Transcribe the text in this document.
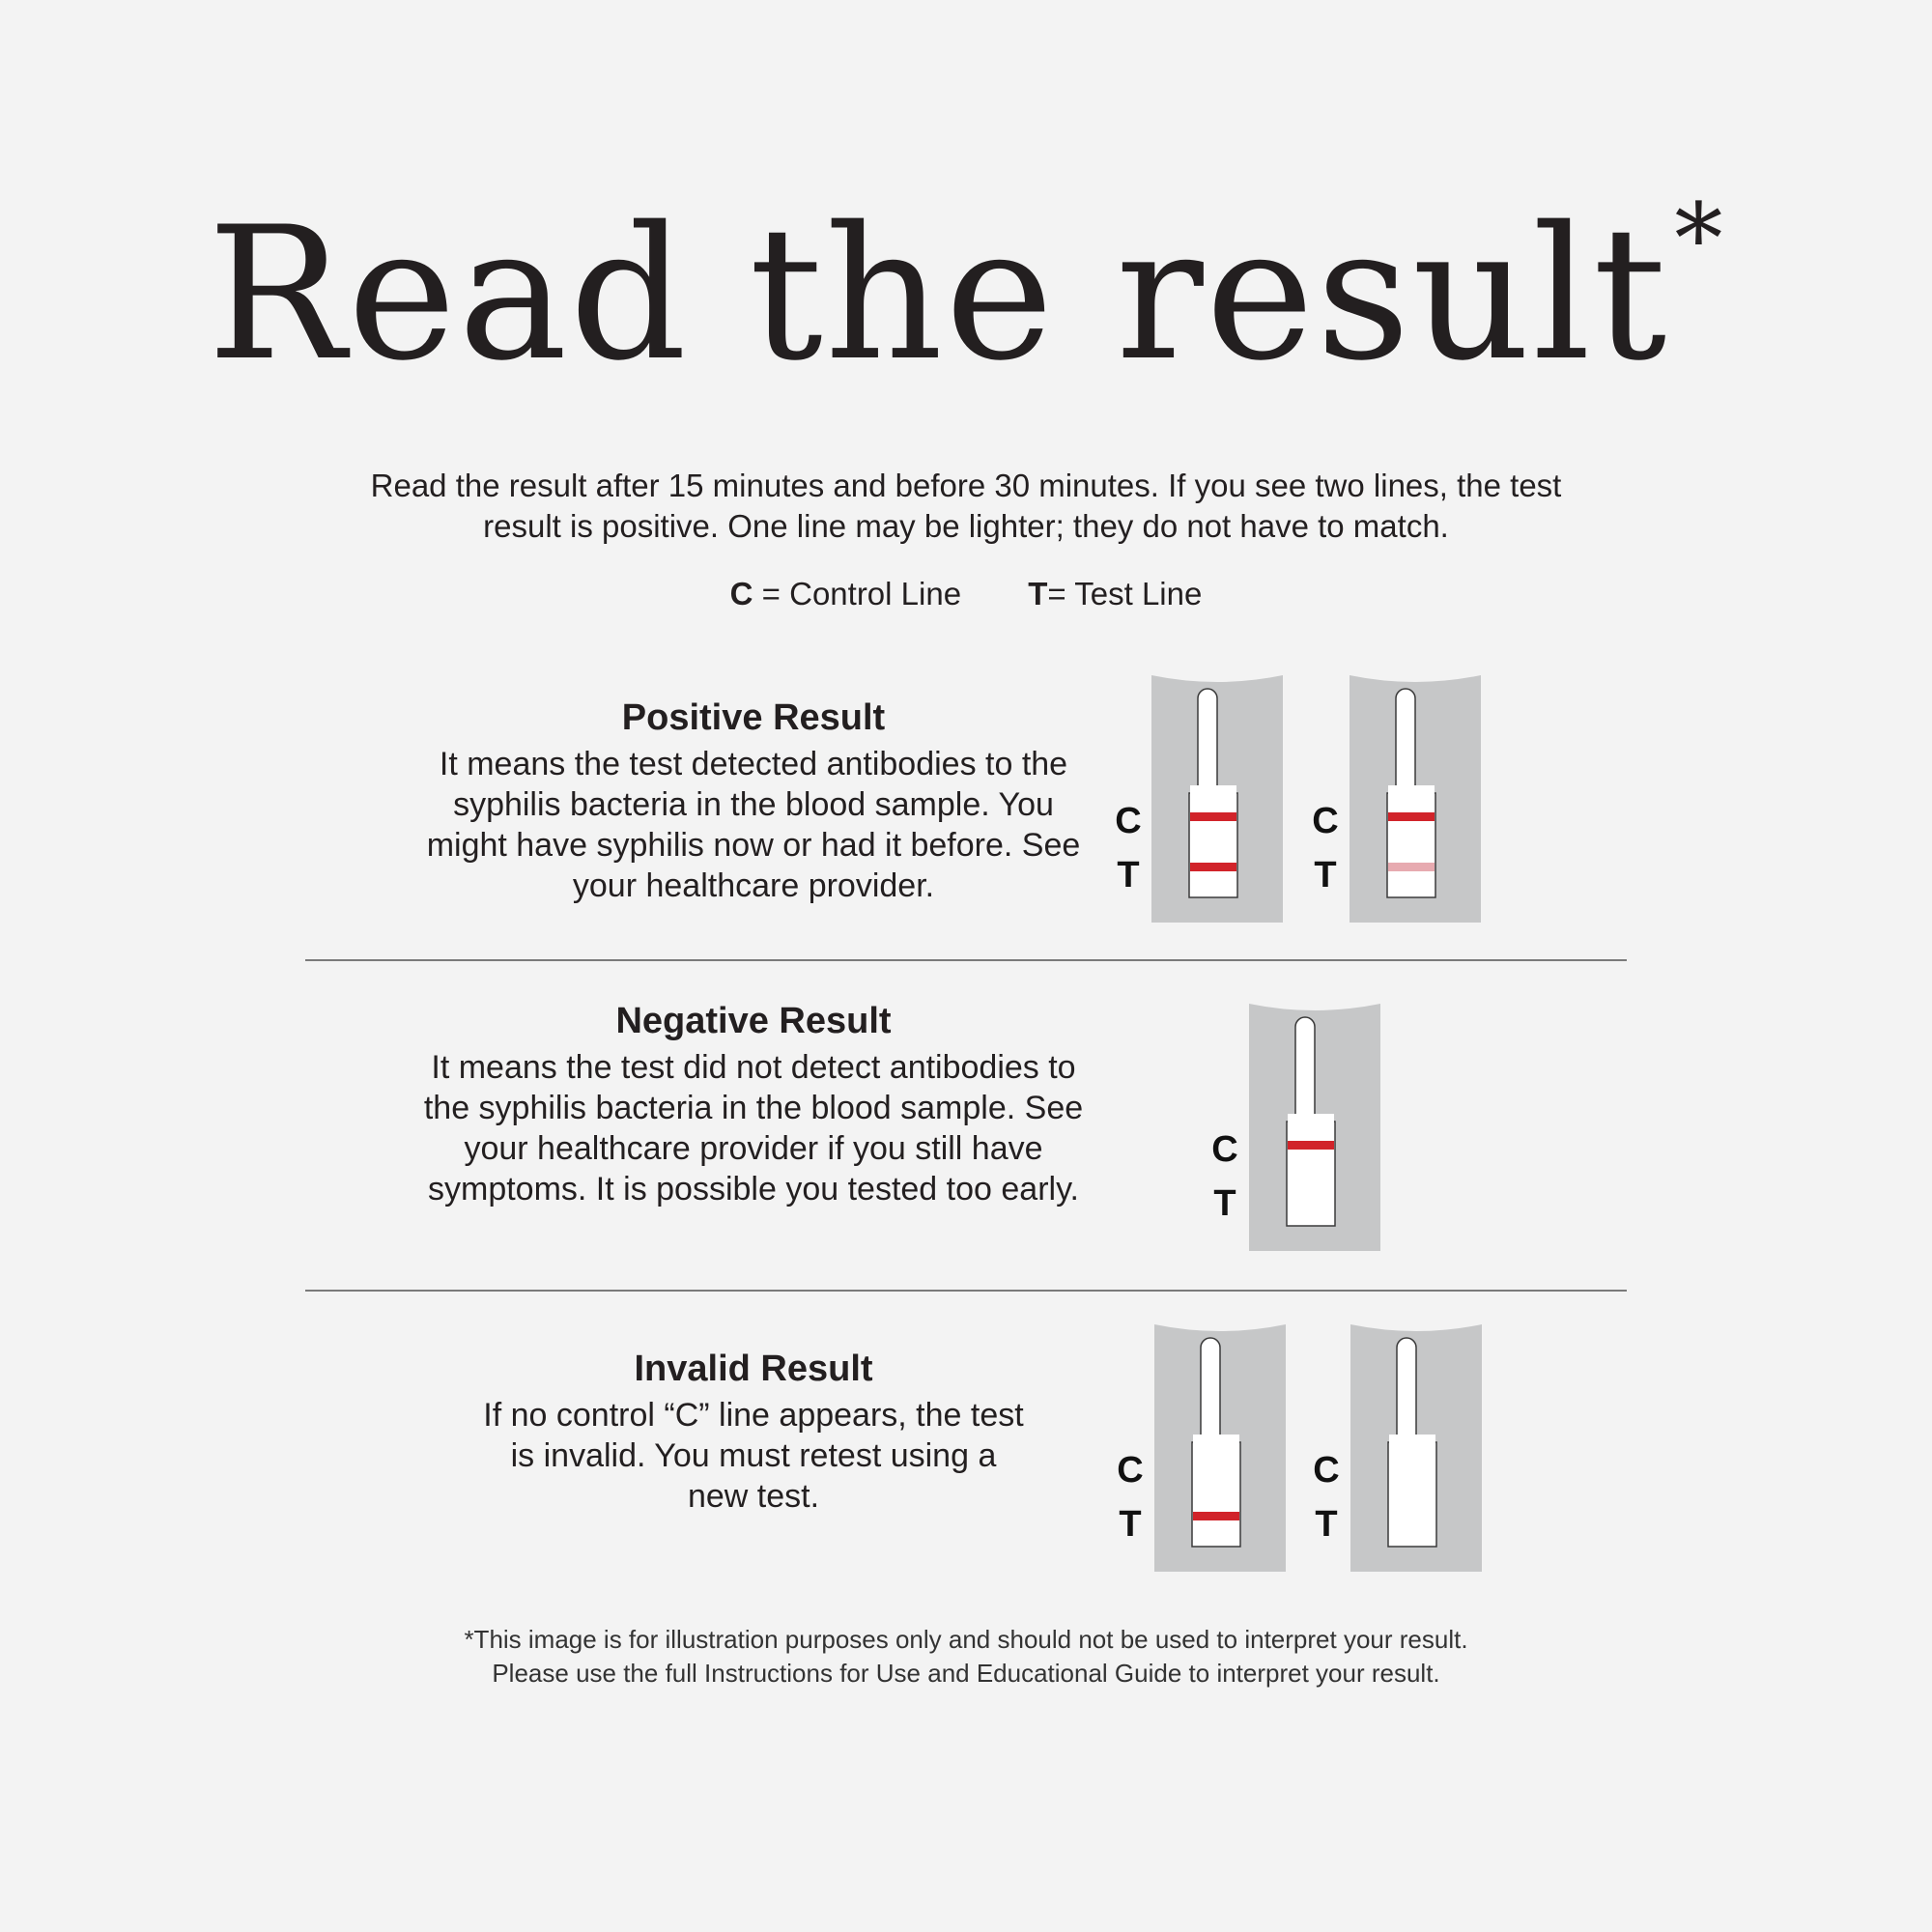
Read the result*
Read the result after 15 minutes and before 30 minutes. If you see two lines, the test result is positive. One line may be lighter; they do not have to match.
C = Control Line T= Test Line
Positive Result

It means the test detected antibodies to the syphilis bacteria in the blood sample. You might have syphilis now or had it before. See your healthcare provider.

C
T
C
T
Negative Result

It means the test did not detect antibodies to the syphilis bacteria in the blood sample. See your healthcare provider if you still have symptoms. It is possible you tested too early.

C
T
Invalid Result

If no control “C” line appears, the test is invalid. You must retest using a new test.

C
T
C
T
*This image is for illustration purposes only and should not be used to interpret your result.
Please use the full Instructions for Use and Educational Guide to interpret your result.
